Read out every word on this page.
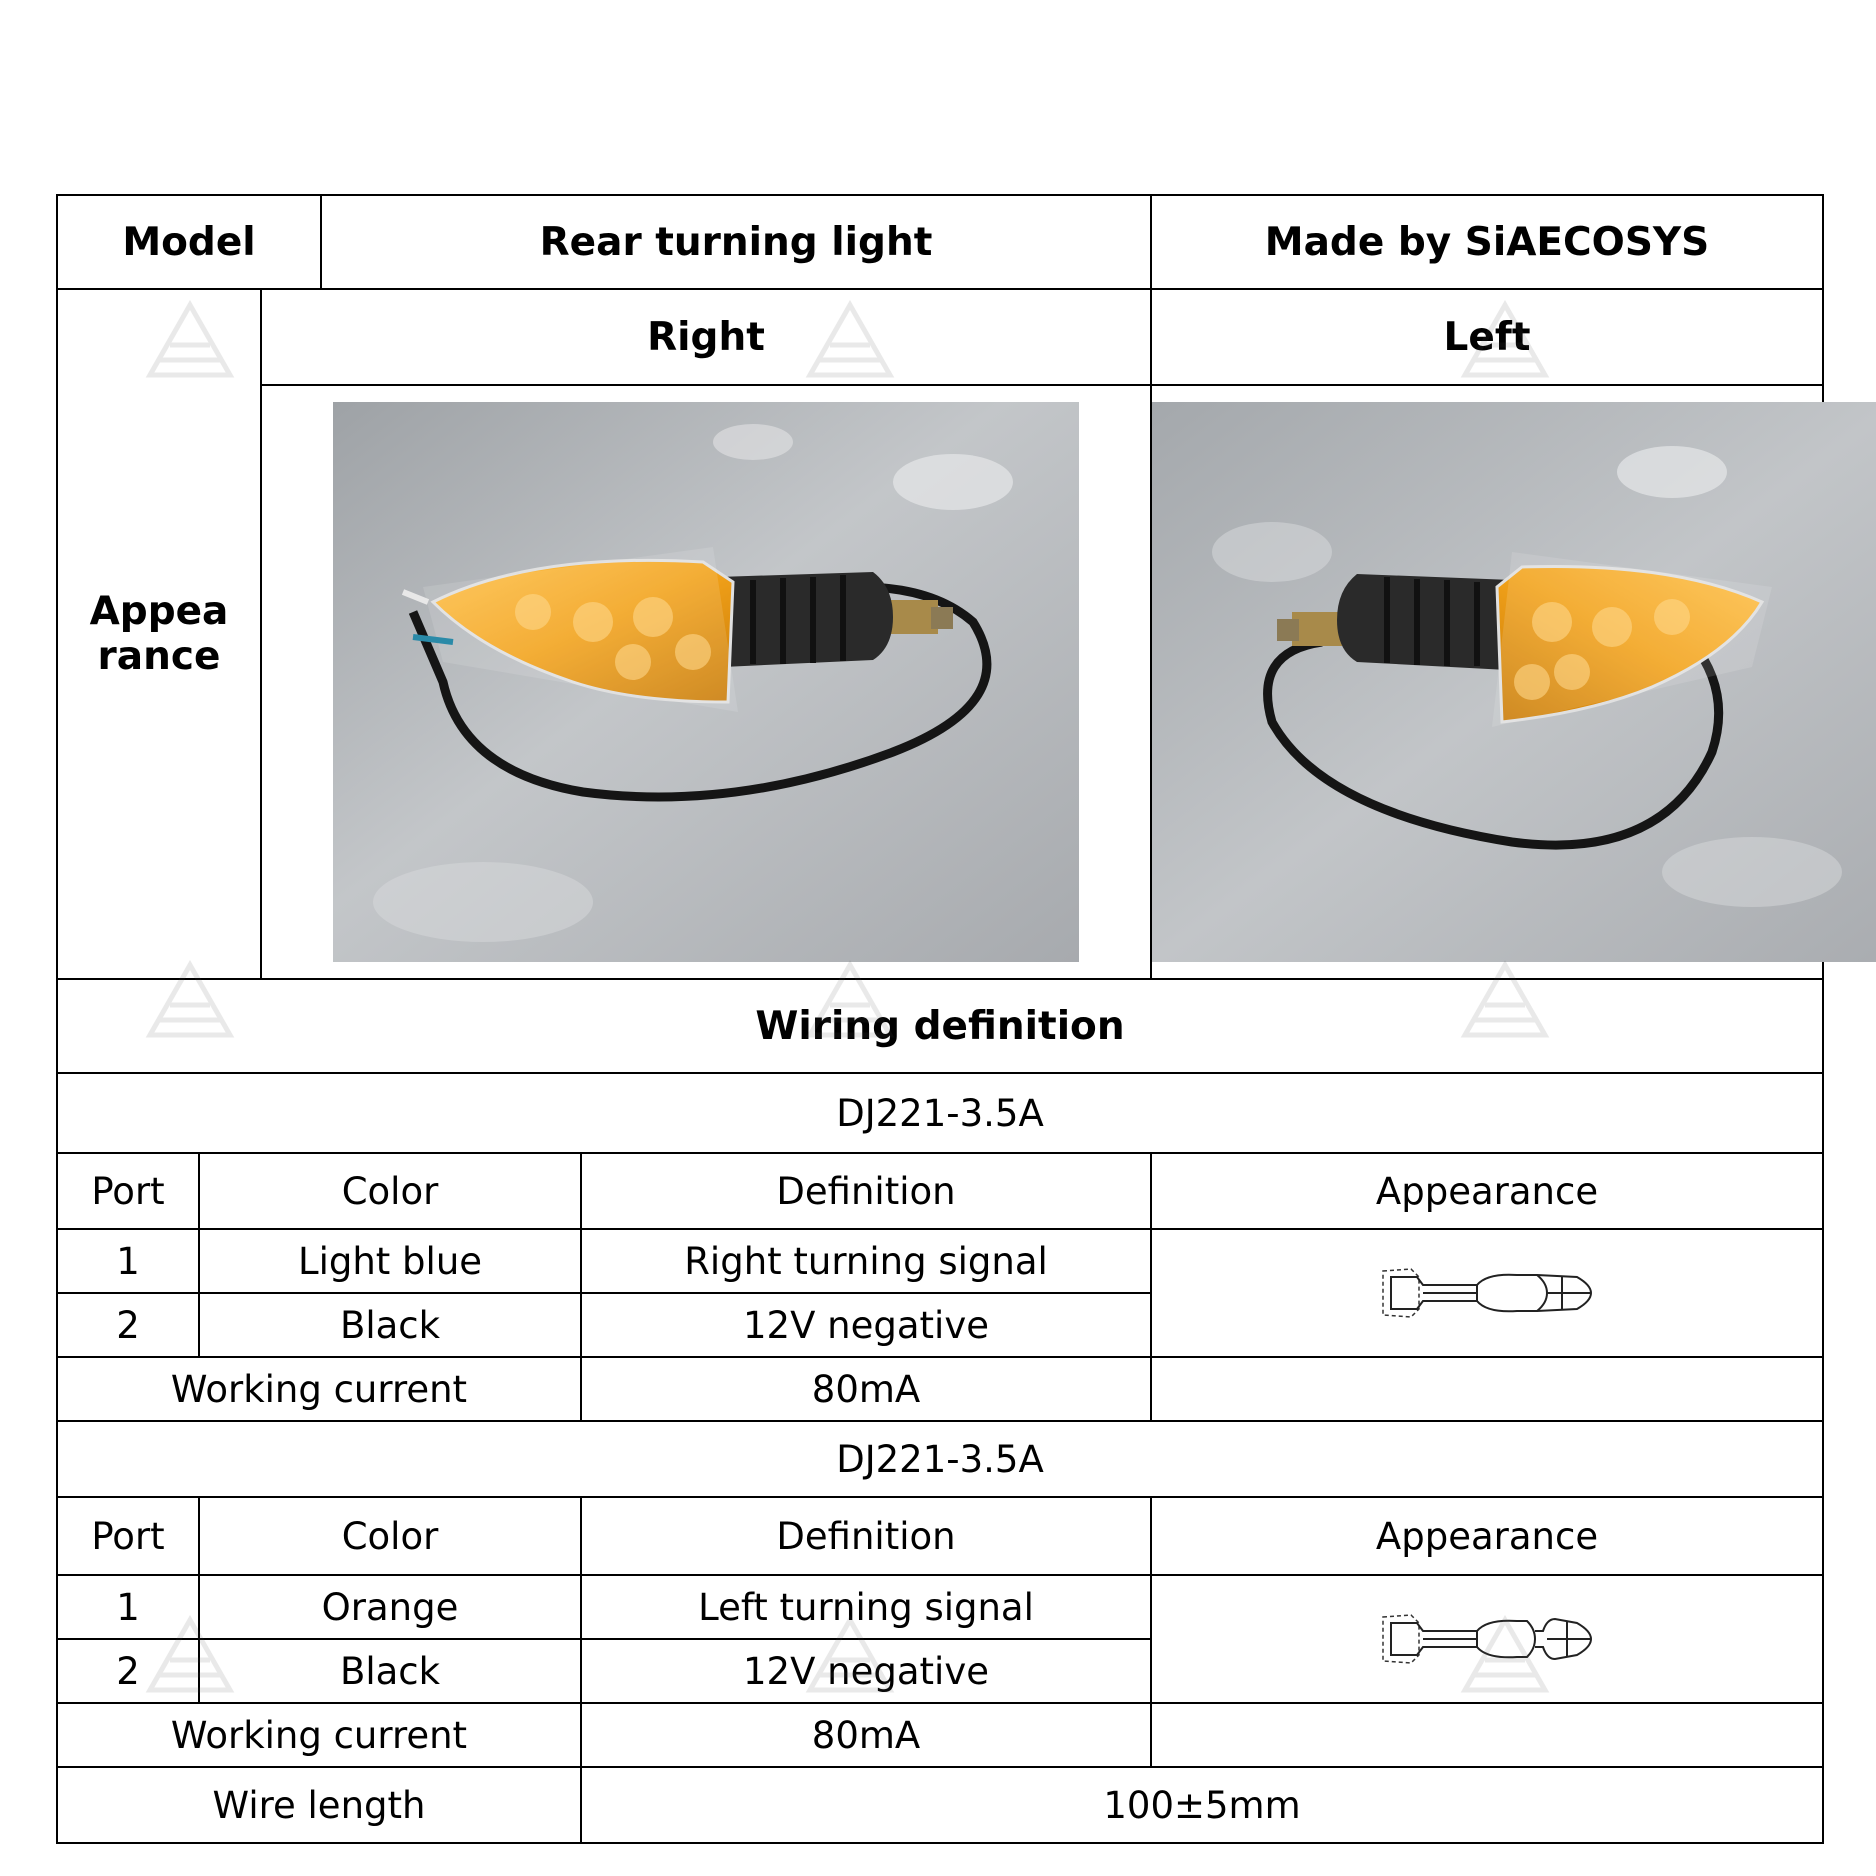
Model			Rear turning light		Made by SiAECOSYS
Appea
rance		Right			Left

Wiring definition					
DJ221-3.5A					
Port	Color			Definition	Appearance
1	Light blue			Right turning signal	

2	Black			12V negative	
Working current				80mA	
DJ221-3.5A					
Port	Color			Definition	Appearance
1	Orange			Left turning signal	

2	Black			12V negative	
Working current				80mA	
Wire length				100±5mm	
